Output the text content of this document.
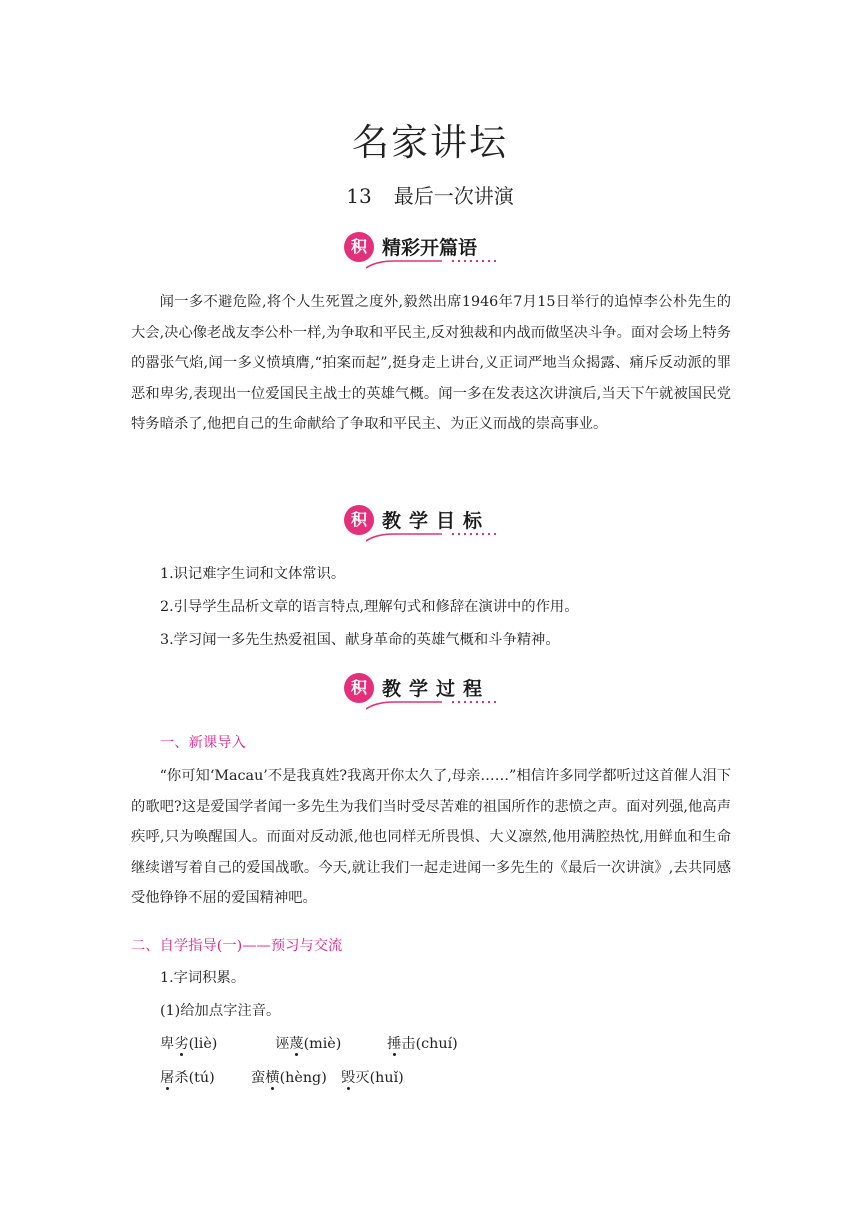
名家讲坛
13 最后一次讲演
积 精彩开篇语

闻一多不避危险,将个人生死置之度外,毅然出席1946年7月15日举行的追悼李公朴先生的大会,决心像老战友李公朴一样,为争取和平民主,反对独裁和内战而做坚决斗争。面对会场上特务的嚣张气焰,闻一多义愤填膺,“拍案而起”,挺身走上讲台,义正词严地当众揭露、痛斥反动派的罪恶和卑劣,表现出一位爱国民主战士的英雄气概。闻一多在发表这次讲演后,当天下午就被国民党特务暗杀了,他把自己的生命献给了争取和平民主、为正义而战的崇高事业。

积 教学目标

1.识记难字生词和文体常识。

2.引导学生品析文章的语言特点,理解句式和修辞在演讲中的作用。

3.学习闻一多先生热爱祖国、献身革命的英雄气概和斗争精神。

积 教学过程

一、新课导入

“你可知‘Macau’不是我真姓?我离开你太久了,母亲……”相信许多同学都听过这首催人泪下的歌吧?这是爱国学者闻一多先生为我们当时受尽苦难的祖国所作的悲愤之声。面对列强,他高声疾呼,只为唤醒国人。而面对反动派,他也同样无所畏惧、大义凛然,他用满腔热忱,用鲜血和生命继续谱写着自己的爱国战歌。今天,就让我们一起走进闻一多先生的《最后一次讲演》,去共同感受他铮铮不屈的爱国精神吧。

二、自学指导(一)——预习与交流

1.字词积累。

(1)给加点字注音。

卑劣(liè)	诬蔑(miè)	捶击(chuí)

屠杀(tú)	蛮横(hèng) 毁灭(huǐ)
